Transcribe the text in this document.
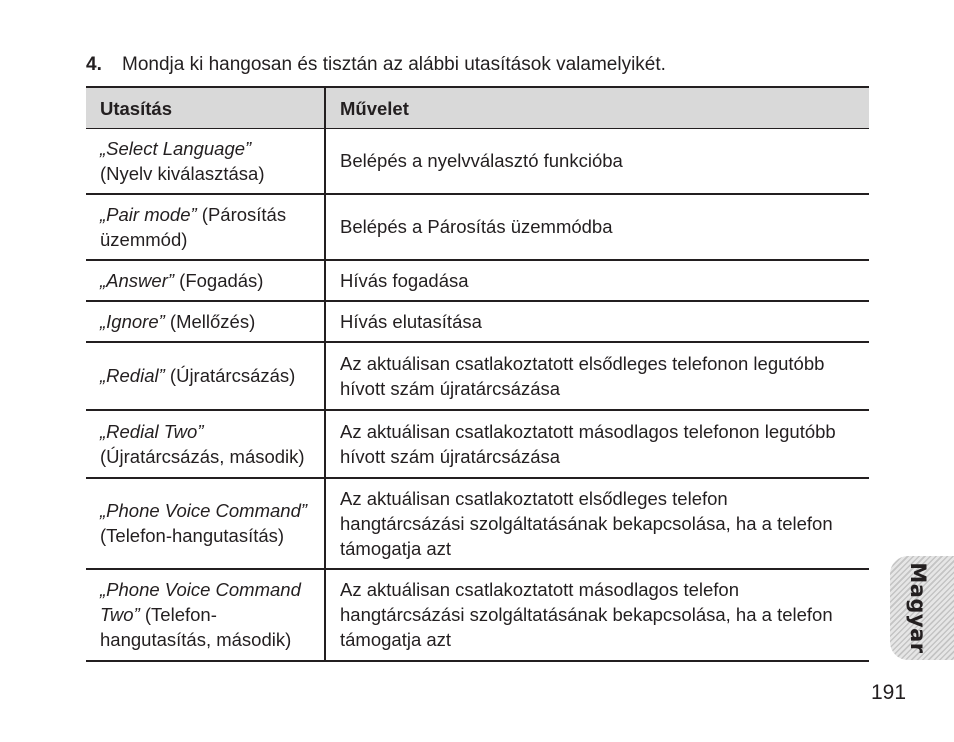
4. Mondja ki hangosan és tisztán az alábbi utasítások valamelyikét.
Utasítás	Művelet
„Select Language”
(Nyelv kiválasztása)	Belépés a nyelvválasztó funkcióba
„Pair mode” (Párosítás üzemmód)	Belépés a Párosítás üzemmódba
„Answer” (Fogadás)	Hívás fogadása
„Ignore” (Mellőzés)	Hívás elutasítása
„Redial” (Újratárcsázás)	Az aktuálisan csatlakoztatott elsődleges telefonon legutóbb hívott szám újratárcsázása
„Redial Two”
(Újratárcsázás, második)	Az aktuálisan csatlakoztatott másodlagos telefonon legutóbb hívott szám újratárcsázása
„Phone Voice Command”
(Telefon-hangutasítás)	Az aktuálisan csatlakoztatott elsődleges telefon hangtárcsázási szolgáltatásának bekapcsolása, ha a telefon támogatja azt
„Phone Voice Command Two” (Telefon-hangutasítás, második)	Az aktuálisan csatlakoztatott másodlagos telefon hangtárcsázási szolgáltatásának bekapcsolása, ha a telefon támogatja azt	Magyar
191
